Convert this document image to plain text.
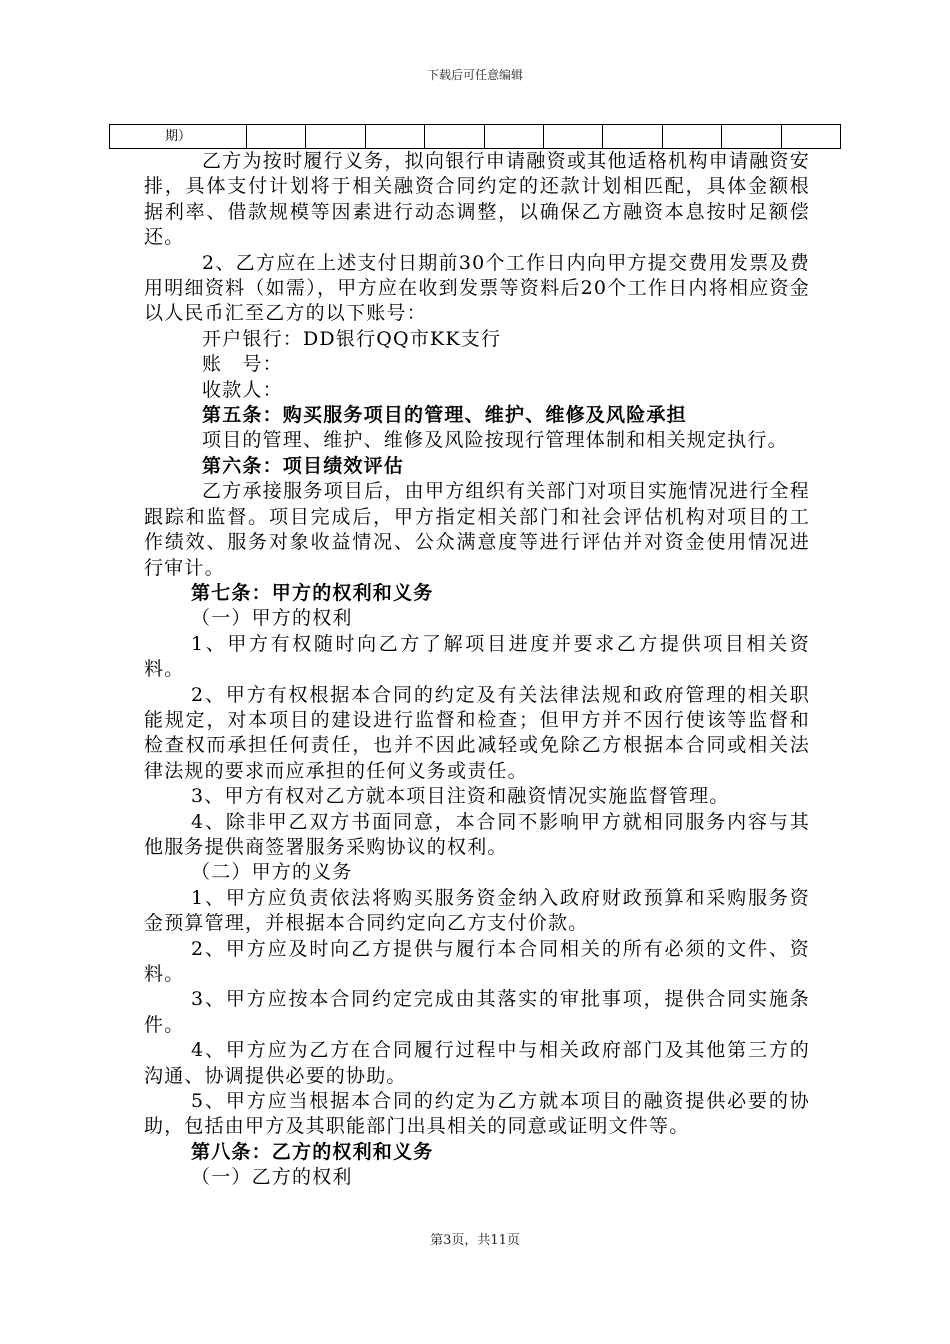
下载后可任意编辑
期）										

乙方为按时履行义务，拟向银行申请融资或其他适格机构申请融资安排，具体支付计划将于相关融资合同约定的还款计划相匹配，具体金额根据利率、借款规模等因素进行动态调整，以确保乙方融资本息按时足额偿还。

2、乙方应在上述支付日期前30个工作日内向甲方提交费用发票及费用明细资料（如需），甲方应在收到发票等资料后20个工作日内将相应资金以人民币汇至乙方的以下账号：

开户银行：DD银行QQ市KK支行

账　号：

收款人：

第五条：购买服务项目的管理、维护、维修及风险承担

项目的管理、维护、维修及风险按现行管理体制和相关规定执行。

第六条：项目绩效评估

乙方承接服务项目后，由甲方组织有关部门对项目实施情况进行全程跟踪和监督。项目完成后，甲方指定相关部门和社会评估机构对项目的工作绩效、服务对象收益情况、公众满意度等进行评估并对资金使用情况进行审计。

第七条：甲方的权利和义务

（一）甲方的权利

1、甲方有权随时向乙方了解项目进度并要求乙方提供项目相关资料。

2、甲方有权根据本合同的约定及有关法律法规和政府管理的相关职能规定，对本项目的建设进行监督和检查；但甲方并不因行使该等监督和检查权而承担任何责任，也并不因此减轻或免除乙方根据本合同或相关法律法规的要求而应承担的任何义务或责任。

3、甲方有权对乙方就本项目注资和融资情况实施监督管理。

4、除非甲乙双方书面同意，本合同不影响甲方就相同服务内容与其他服务提供商签署服务采购协议的权利。

（二）甲方的义务

1、甲方应负责依法将购买服务资金纳入政府财政预算和采购服务资金预算管理，并根据本合同约定向乙方支付价款。

2、甲方应及时向乙方提供与履行本合同相关的所有必须的文件、资料。

3、甲方应按本合同约定完成由其落实的审批事项，提供合同实施条件。

4、甲方应为乙方在合同履行过程中与相关政府部门及其他第三方的沟通、协调提供必要的协助。

5、甲方应当根据本合同的约定为乙方就本项目的融资提供必要的协助，包括由甲方及其职能部门出具相关的同意或证明文件等。

第八条：乙方的权利和义务

（一）乙方的权利

第3页，共11页
